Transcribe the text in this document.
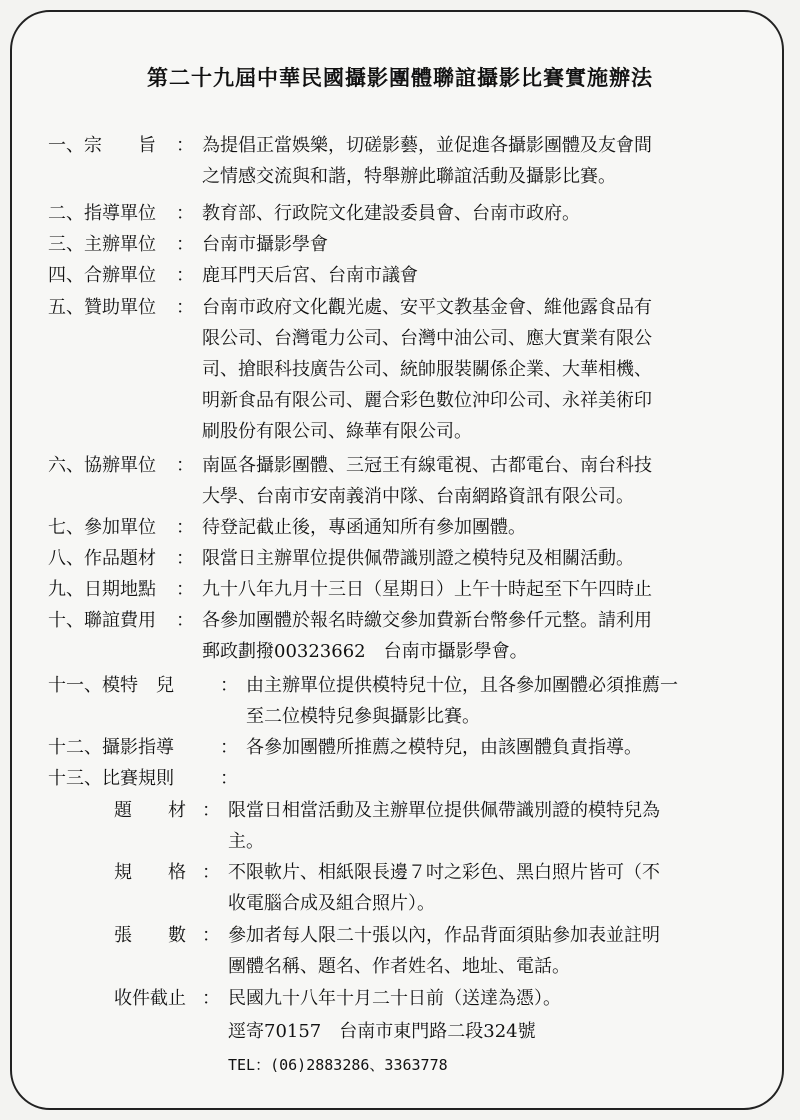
第二十九屆中華民國攝影團體聯誼攝影比賽實施辦法
一、宗　　旨	： 為提倡正當娛樂，切磋影藝，並促進各攝影團體及友會間
之情感交流與和諧，特舉辦此聯誼活動及攝影比賽。
二、指導單位	： 教育部、行政院文化建設委員會、台南市政府。
三、主辦單位	： 台南市攝影學會
四、合辦單位	： 鹿耳門天后宮、台南市議會
五、贊助單位	： 台南市政府文化觀光處、安平文教基金會、維他露食品有
限公司、台灣電力公司、台灣中油公司、應大實業有限公
司、搶眼科技廣告公司、統帥服裝關係企業、大華相機、
明新食品有限公司、麗合彩色數位沖印公司、永祥美術印
刷股份有限公司、綠華有限公司。
六、協辦單位	： 南區各攝影團體、三冠王有線電視、古都電台、南台科技
大學、台南市安南義消中隊、台南網路資訊有限公司。
七、參加單位	： 待登記截止後，專函通知所有參加團體。
八、作品題材	： 限當日主辦單位提供佩帶識別證之模特兒及相關活動。
九、日期地點	： 九十八年九月十三日（星期日）上午十時起至下午四時止
十、聯誼費用	： 各參加團體於報名時繳交參加費新台幣參仟元整。請利用
郵政劃撥00323662　台南市攝影學會。
十一、模特　兒	： 由主辦單位提供模特兒十位，且各參加團體必須推薦一
至二位模特兒參與攝影比賽。
十二、攝影指導	： 各參加團體所推薦之模特兒，由該團體負責指導。
十三、比賽規則	：
題　　材 ： 限當日相當活動及主辦單位提供佩帶識別證的模特兒為
主。
規　　格 ： 不限軟片、相紙限長邊７吋之彩色、黑白照片皆可（不
收電腦合成及組合照片）。
張　　數 ： 參加者每人限二十張以內，作品背面須貼參加表並註明
團體名稱、題名、作者姓名、地址、電話。
收件截止 ： 民國九十八年十月二十日前（送達為憑）。
逕寄70157　台南市東門路二段324號
TEL：(06)2883286、3363778
